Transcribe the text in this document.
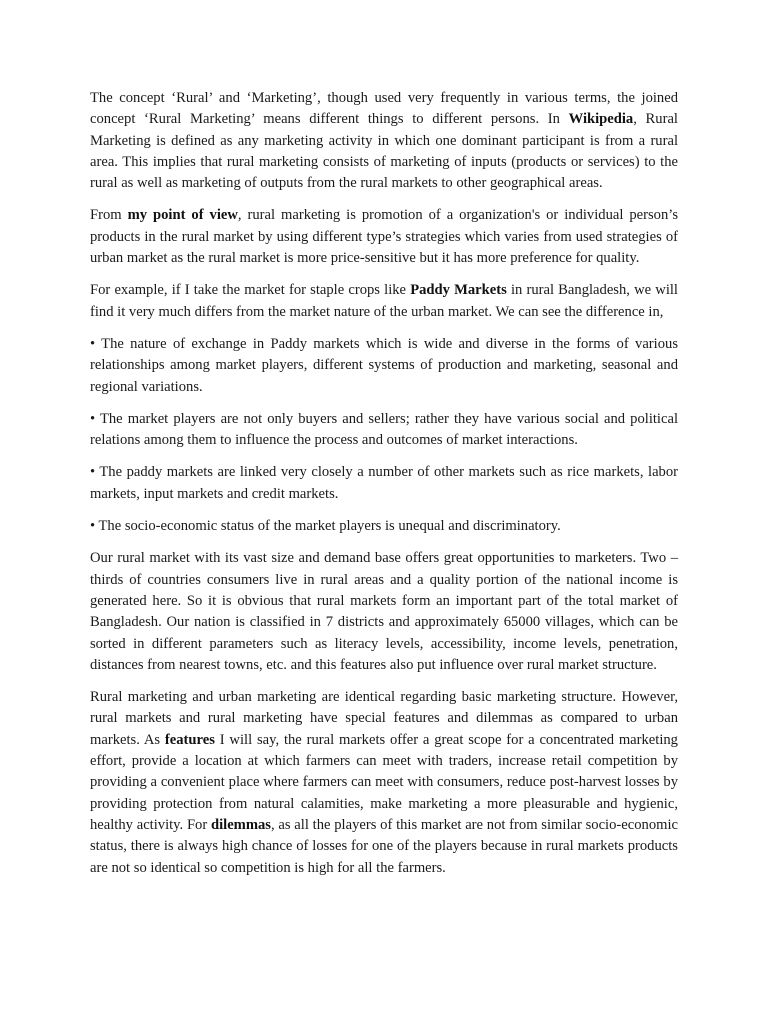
The concept ‘Rural’ and ‘Marketing’, though used very frequently in various terms, the joined concept ‘Rural Marketing’ means different things to different persons. In Wikipedia, Rural Marketing is defined as any marketing activity in which one dominant participant is from a rural area. This implies that rural marketing consists of marketing of inputs (products or services) to the rural as well as marketing of outputs from the rural markets to other geographical areas.

From my point of view, rural marketing is promotion of a organization's or individual person’s products in the rural market by using different type’s strategies which varies from used strategies of urban market as the rural market is more price-sensitive but it has more preference for quality.

For example, if I take the market for staple crops like Paddy Markets in rural Bangladesh, we will find it very much differs from the market nature of the urban market. We can see the difference in,

• The nature of exchange in Paddy markets which is wide and diverse in the forms of various relationships among market players, different systems of production and marketing, seasonal and regional variations.

• The market players are not only buyers and sellers; rather they have various social and political relations among them to influence the process and outcomes of market interactions.

• The paddy markets are linked very closely a number of other markets such as rice markets, labor markets, input markets and credit markets.

• The socio-economic status of the market players is unequal and discriminatory.

Our rural market with its vast size and demand base offers great opportunities to marketers. Two – thirds of countries consumers live in rural areas and a quality portion of the national income is generated here. So it is obvious that rural markets form an important part of the total market of Bangladesh. Our nation is classified in 7 districts and approximately 65000 villages, which can be sorted in different parameters such as literacy levels, accessibility, income levels, penetration, distances from nearest towns, etc. and this features also put influence over rural market structure.

Rural marketing and urban marketing are identical regarding basic marketing structure. However, rural markets and rural marketing have special features and dilemmas as compared to urban markets. As features I will say, the rural markets offer a great scope for a concentrated marketing effort, provide a location at which farmers can meet with traders, increase retail competition by providing a convenient place where farmers can meet with consumers, reduce post-harvest losses by providing protection from natural calamities, make marketing a more pleasurable and hygienic, healthy activity. For dilemmas, as all the players of this market are not from similar socio-economic status, there is always high chance of losses for one of the players because in rural markets products are not so identical so competition is high for all the farmers.
